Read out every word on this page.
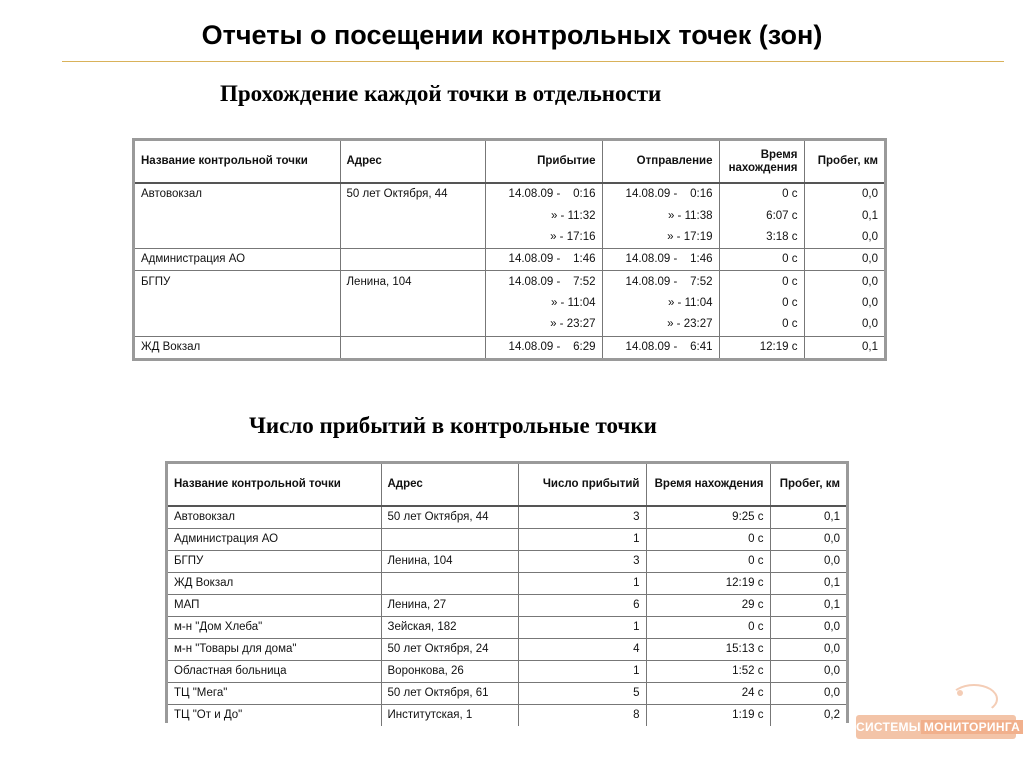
Отчеты о посещении контрольных точек (зон)
Прохождение каждой точки в отдельности
Название контрольной точки	Адрес	Прибытие	Отправление	Время нахождения	Пробег, км
Автовокзал	50 лет Октября, 44	14.08.09 -    0:16	14.08.09 -    0:16	0 с	0,0
		» - 11:32	» - 11:38	6:07 с	0,1
		» - 17:16	» - 17:19	3:18 с	0,0
Администрация АО		14.08.09 -    1:46	14.08.09 -    1:46	0 с	0,0
БГПУ	Ленина, 104	14.08.09 -    7:52	14.08.09 -    7:52	0 с	0,0
		» - 11:04	» - 11:04	0 с	0,0
		» - 23:27	» - 23:27	0 с	0,0
ЖД Вокзал		14.08.09 -    6:29	14.08.09 -    6:41	12:19 с	0,1
Число прибытий в контрольные точки
Название контрольной точки	Адрес	Число прибытий	Время нахождения	Пробег, км
Автовокзал	50 лет Октября, 44	3	9:25 с	0,1
Администрация АО		1	0 с	0,0
БГПУ	Ленина, 104	3	0 с	0,0
ЖД Вокзал		1	12:19 с	0,1
МАП	Ленина, 27	6	29 с	0,1
м-н "Дом Хлеба"	Зейская, 182	1	0 с	0,0
м-н "Товары для дома"	50 лет Октября, 24	4	15:13 с	0,0
Областная больница	Воронкова, 26	1	1:52 с	0,0
ТЦ "Мега"	50 лет Октября, 61	5	24 с	0,0
ТЦ "От и До"	Институтская, 1	8	1:19 с	0,2
СИСТЕМЫ МОНИТОРИНГА
